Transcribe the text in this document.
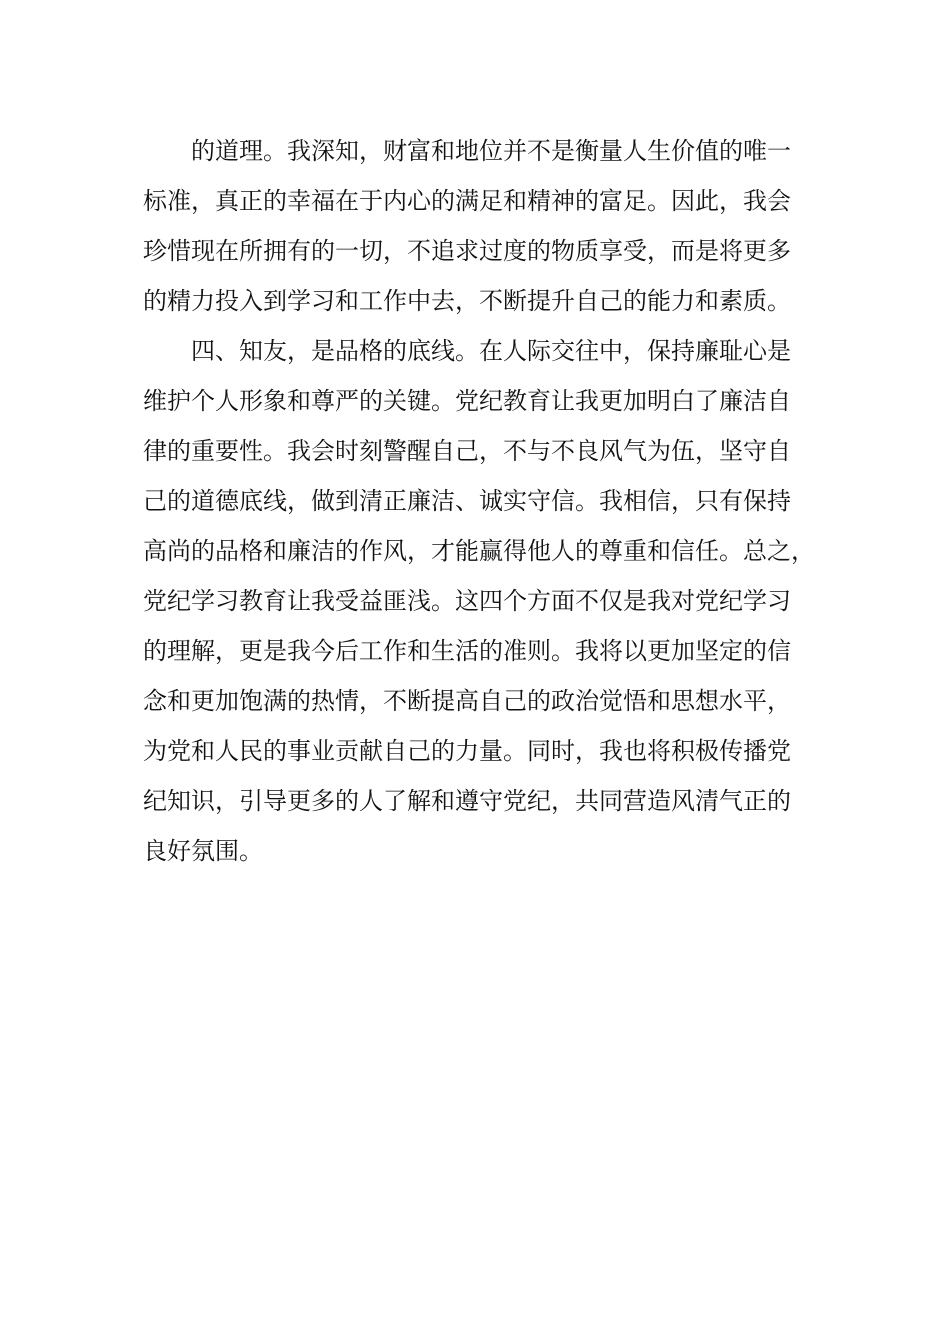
的道理。我深知，财富和地位并不是衡量人生价值的唯一
标准，真正的幸福在于内心的满足和精神的富足。因此，我会
珍惜现在所拥有的一切，不追求过度的物质享受，而是将更多
的精力投入到学习和工作中去，不断提升自己的能力和素质。
四、知友，是品格的底线。在人际交往中，保持廉耻心是
维护个人形象和尊严的关键。党纪教育让我更加明白了廉洁自
律的重要性。我会时刻警醒自己，不与不良风气为伍，坚守自
己的道德底线，做到清正廉洁、诚实守信。我相信，只有保持
高尚的品格和廉洁的作风，才能赢得他人的尊重和信任。总之，
党纪学习教育让我受益匪浅。这四个方面不仅是我对党纪学习
的理解，更是我今后工作和生活的准则。我将以更加坚定的信
念和更加饱满的热情，不断提高自己的政治觉悟和思想水平，
为党和人民的事业贡献自己的力量。同时，我也将积极传播党
纪知识，引导更多的人了解和遵守党纪，共同营造风清气正的
良好氛围。
